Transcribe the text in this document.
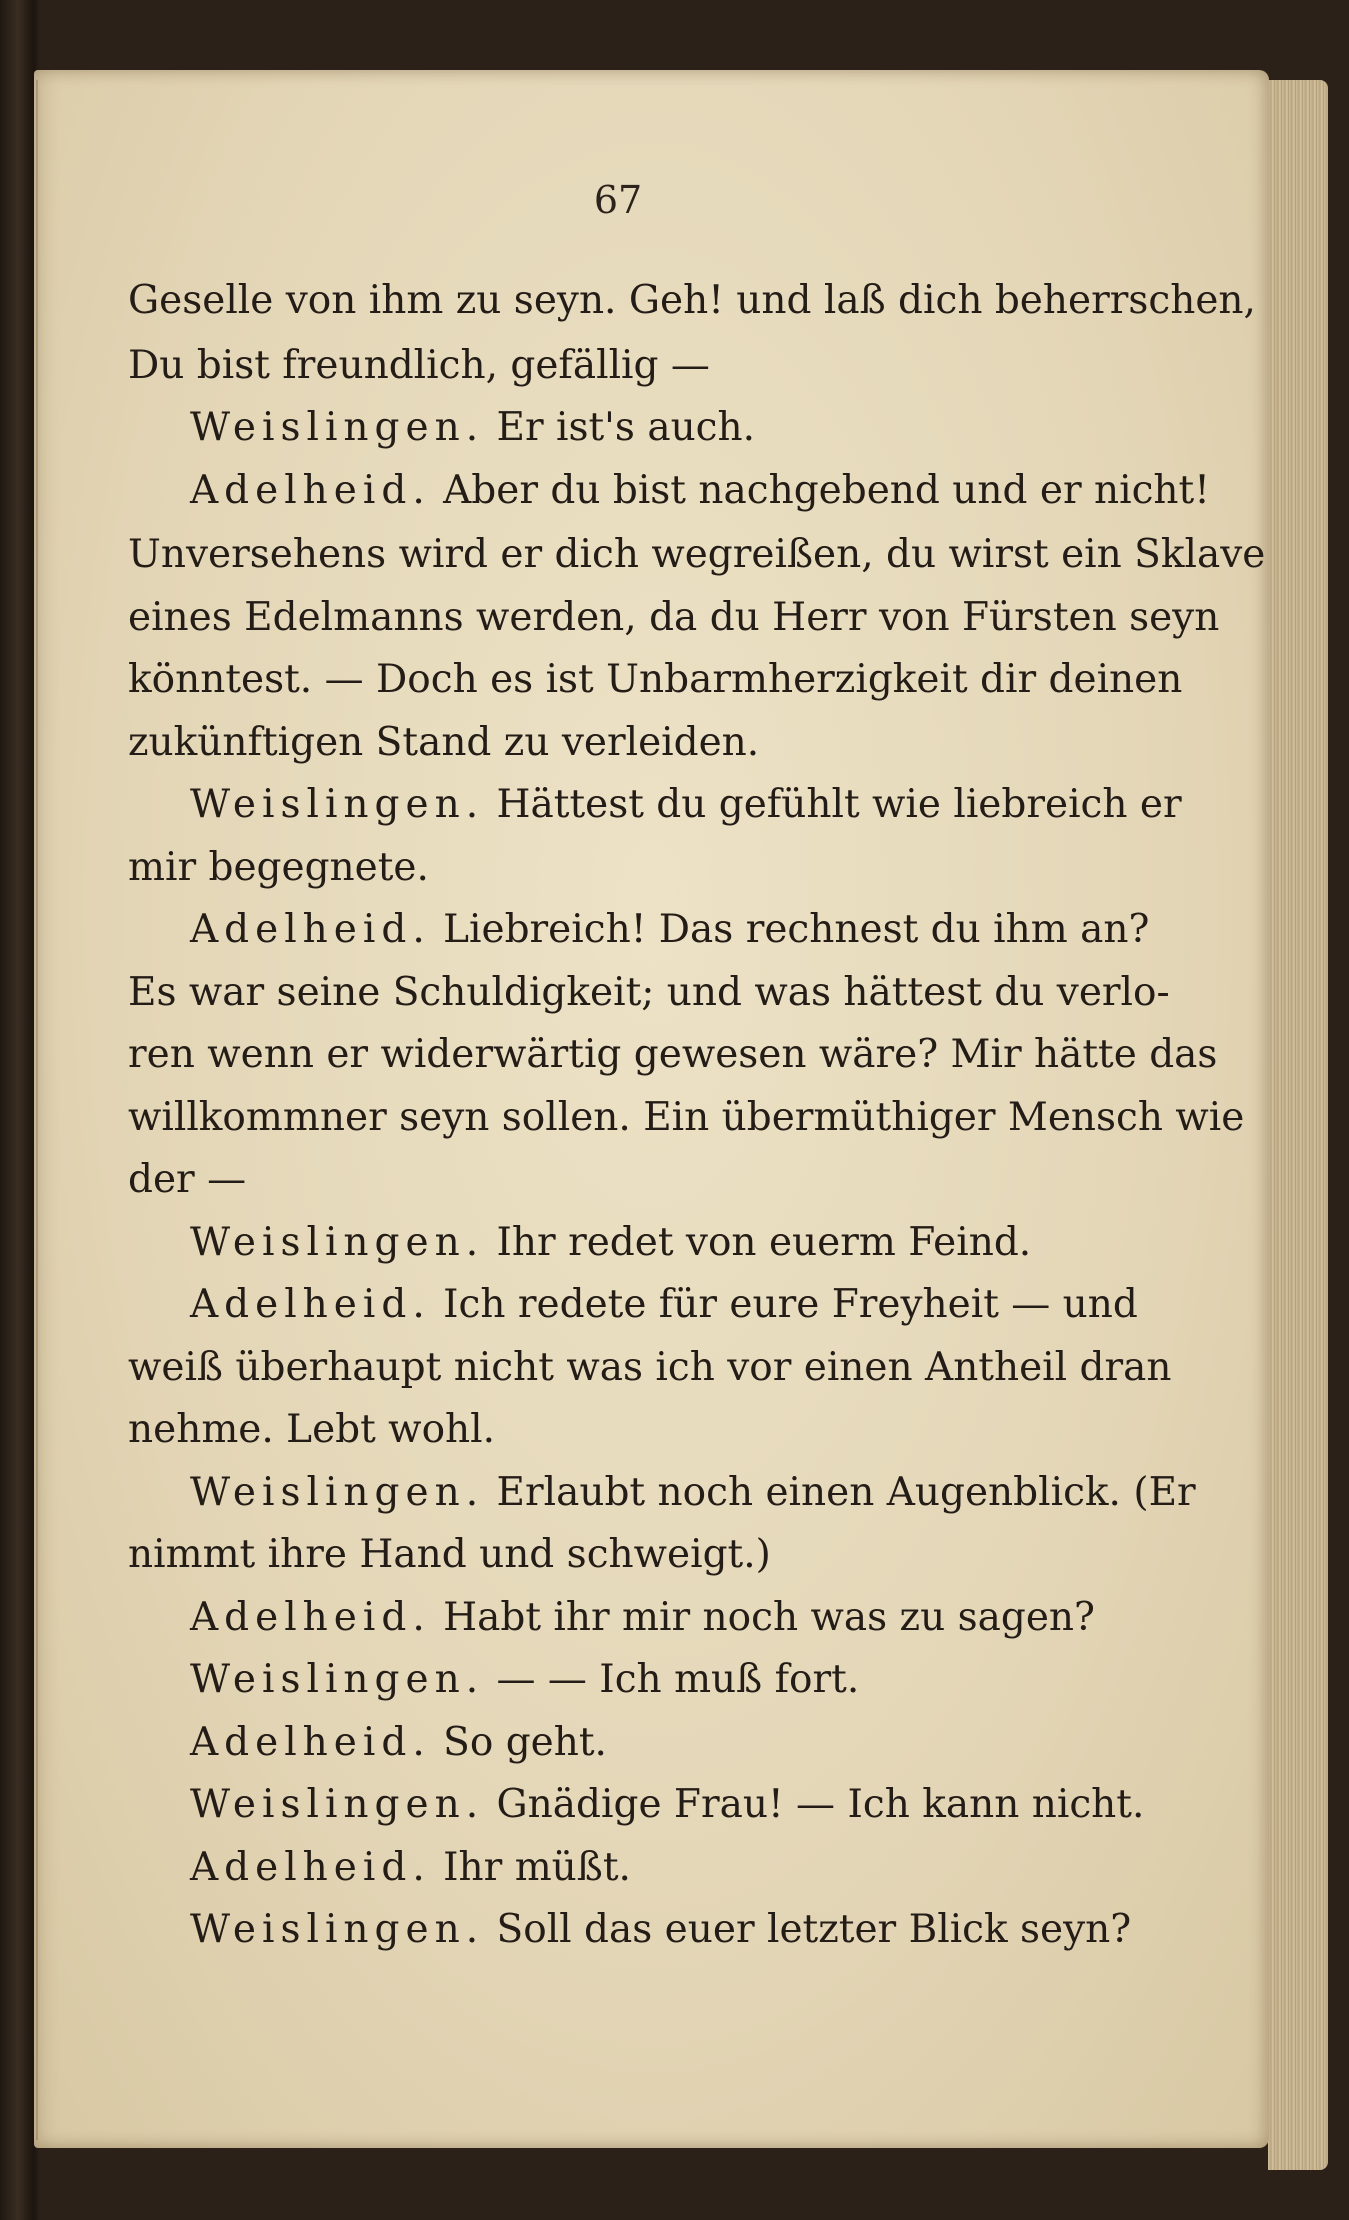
67
Geselle von ihm zu seyn. Geh! und laß dich beherrschen,
Du bist freundlich, gefällig —
Weislingen. Er ist's auch.
Adelheid. Aber du bist nachgebend und er nicht!
Unversehens wird er dich wegreißen, du wirst ein Sklave
eines Edelmanns werden, da du Herr von Fürsten seyn
könntest. — Doch es ist Unbarmherzigkeit dir deinen
zukünftigen Stand zu verleiden.
Weislingen. Hättest du gefühlt wie liebreich er
mir begegnete.
Adelheid. Liebreich! Das rechnest du ihm an?
Es war seine Schuldigkeit; und was hättest du verlo-
ren wenn er widerwärtig gewesen wäre? Mir hätte das
willkommner seyn sollen. Ein übermüthiger Mensch wie
der —
Weislingen. Ihr redet von euerm Feind.
Adelheid. Ich redete für eure Freyheit — und
weiß überhaupt nicht was ich vor einen Antheil dran
nehme. Lebt wohl.
Weislingen. Erlaubt noch einen Augenblick. (Er
nimmt ihre Hand und schweigt.)
Adelheid. Habt ihr mir noch was zu sagen?
Weislingen. — — Ich muß fort.
Adelheid. So geht.
Weislingen. Gnädige Frau! — Ich kann nicht.
Adelheid. Ihr müßt.
Weislingen. Soll das euer letzter Blick seyn?
